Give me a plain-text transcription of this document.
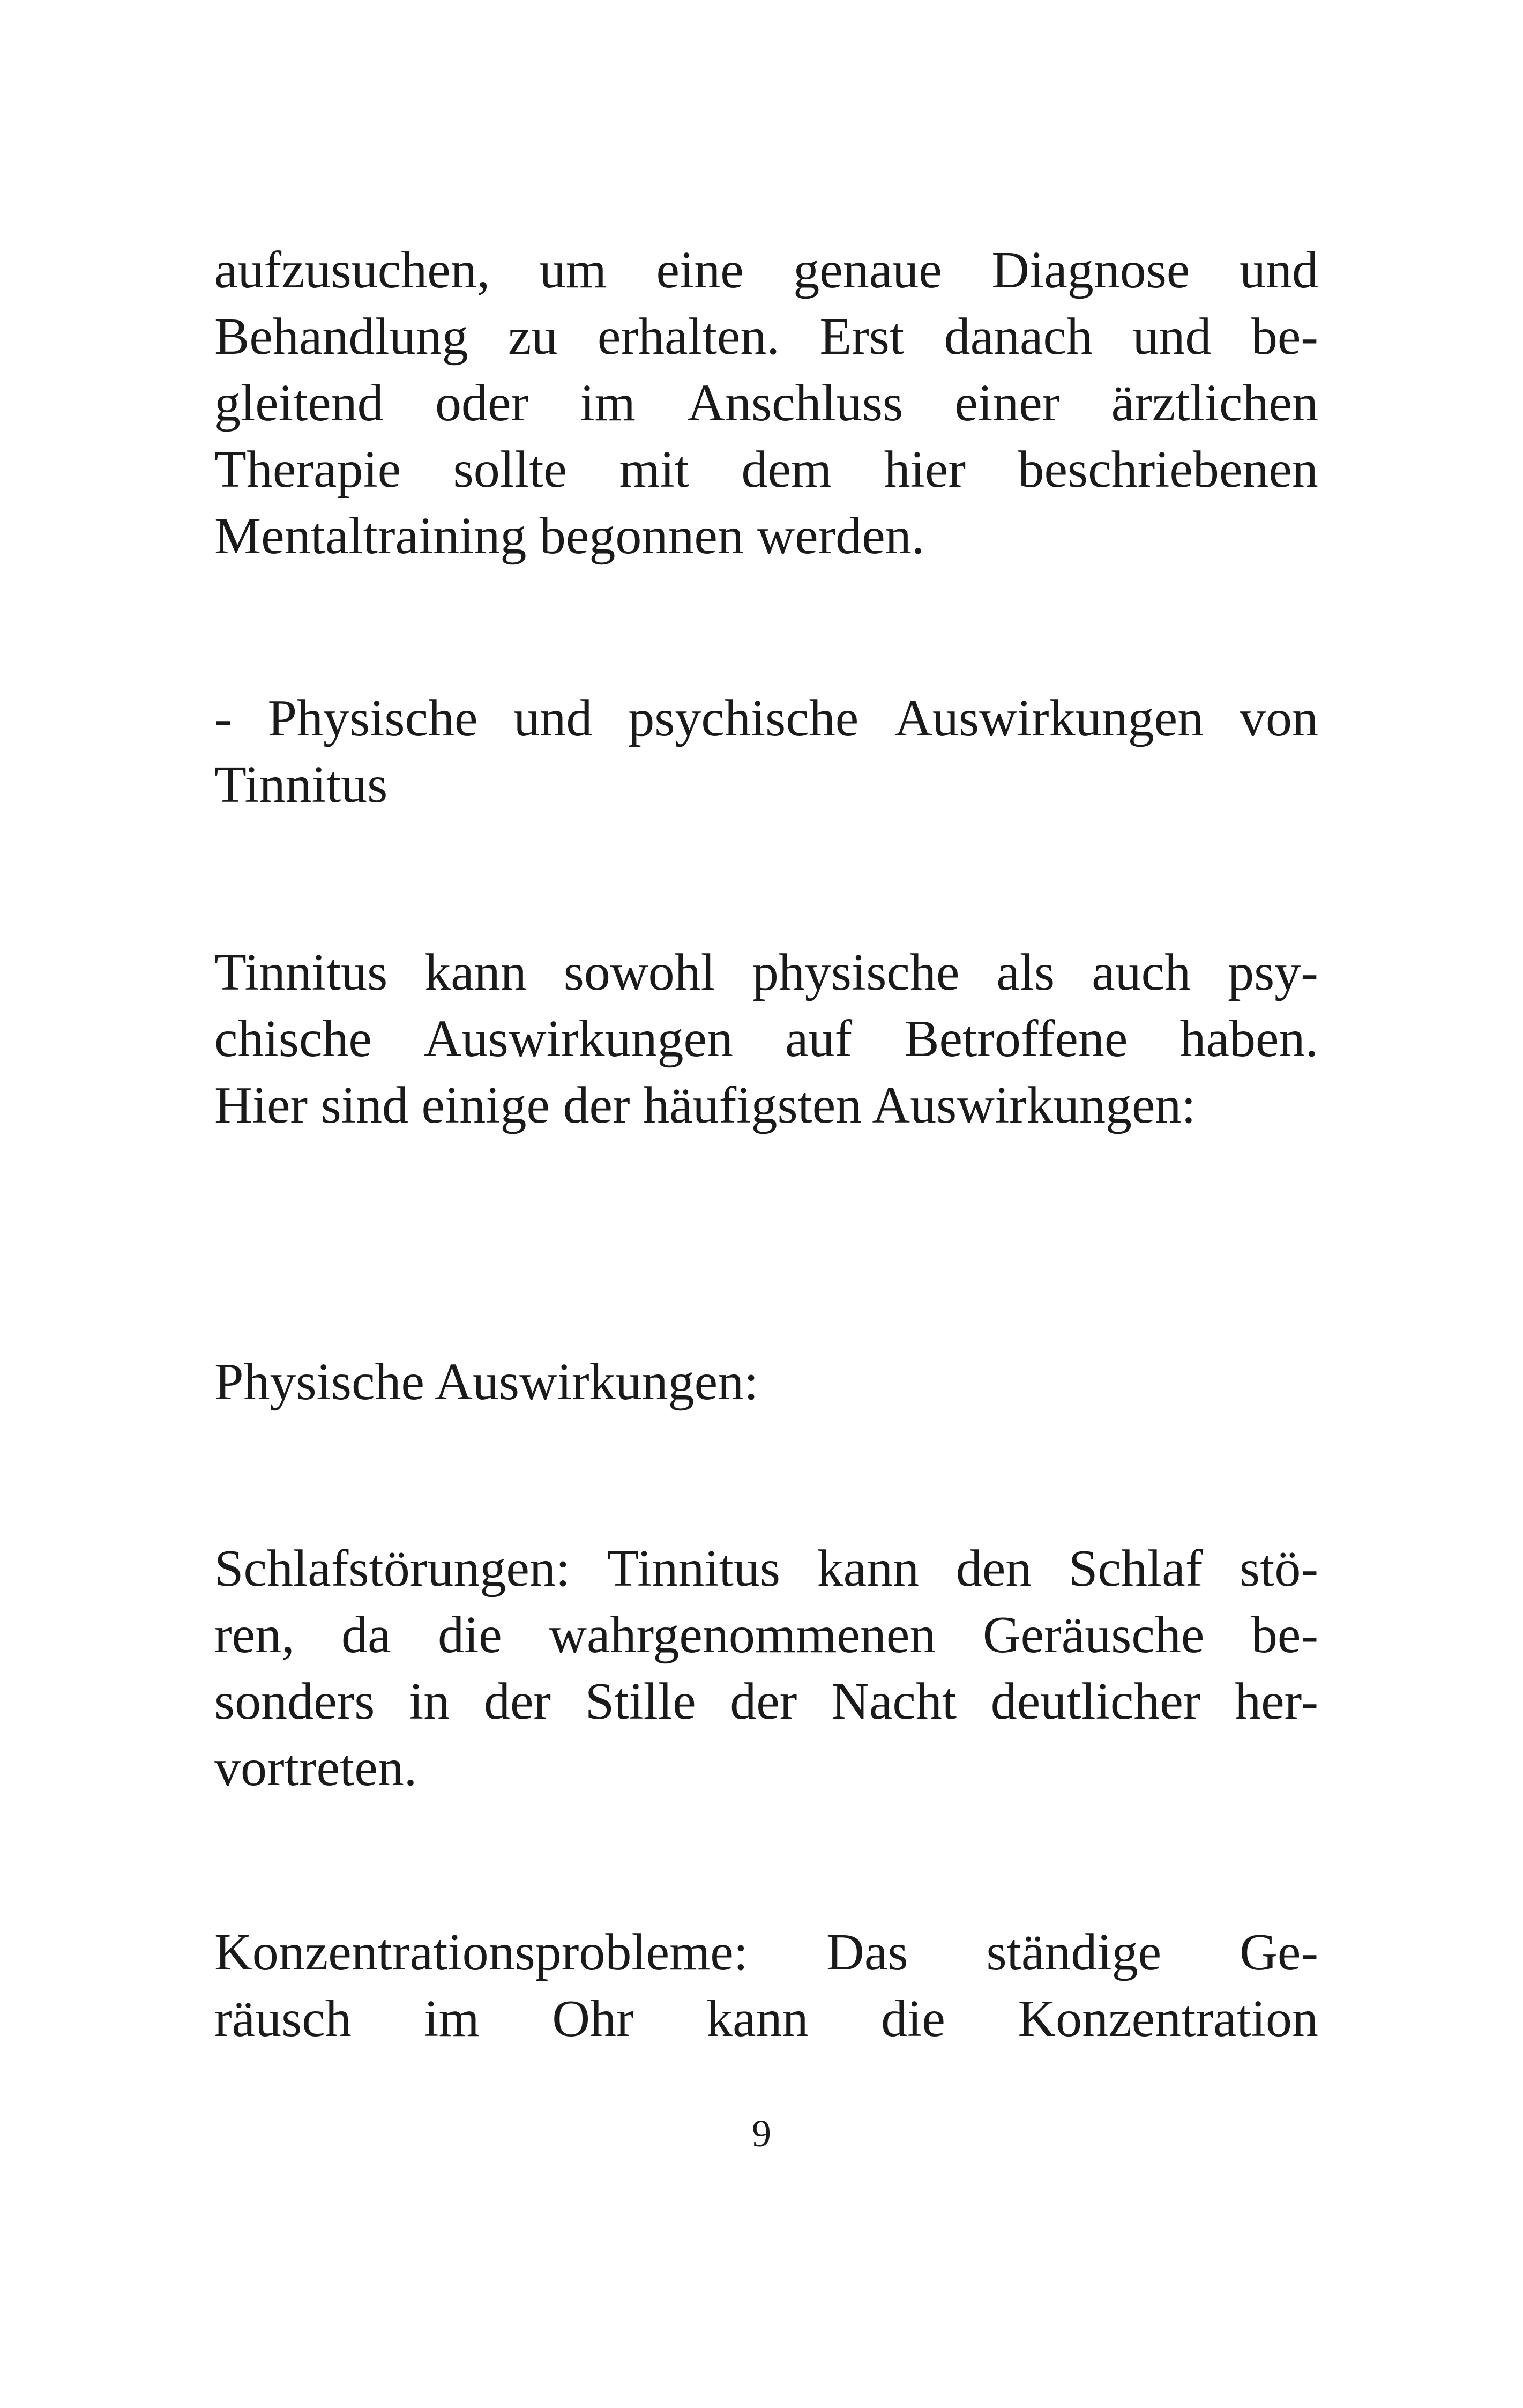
aufzusuchen, um eine genaue Diagnose und
Behandlung zu erhalten. Erst danach und be-
gleitend oder im Anschluss einer ärztlichen
Therapie sollte mit dem hier beschriebenen
Mentaltraining begonnen werden.
- Physische und psychische Auswirkungen von
Tinnitus
Tinnitus kann sowohl physische als auch psy-
chische Auswirkungen auf Betroffene haben.
Hier sind einige der häufigsten Auswirkungen:
Physische Auswirkungen:
Schlafstörungen: Tinnitus kann den Schlaf stö-
ren, da die wahrgenommenen Geräusche be-
sonders in der Stille der Nacht deutlicher her-
vortreten.
Konzentrationsprobleme: Das ständige Ge-
räusch im Ohr kann die Konzentration
9
